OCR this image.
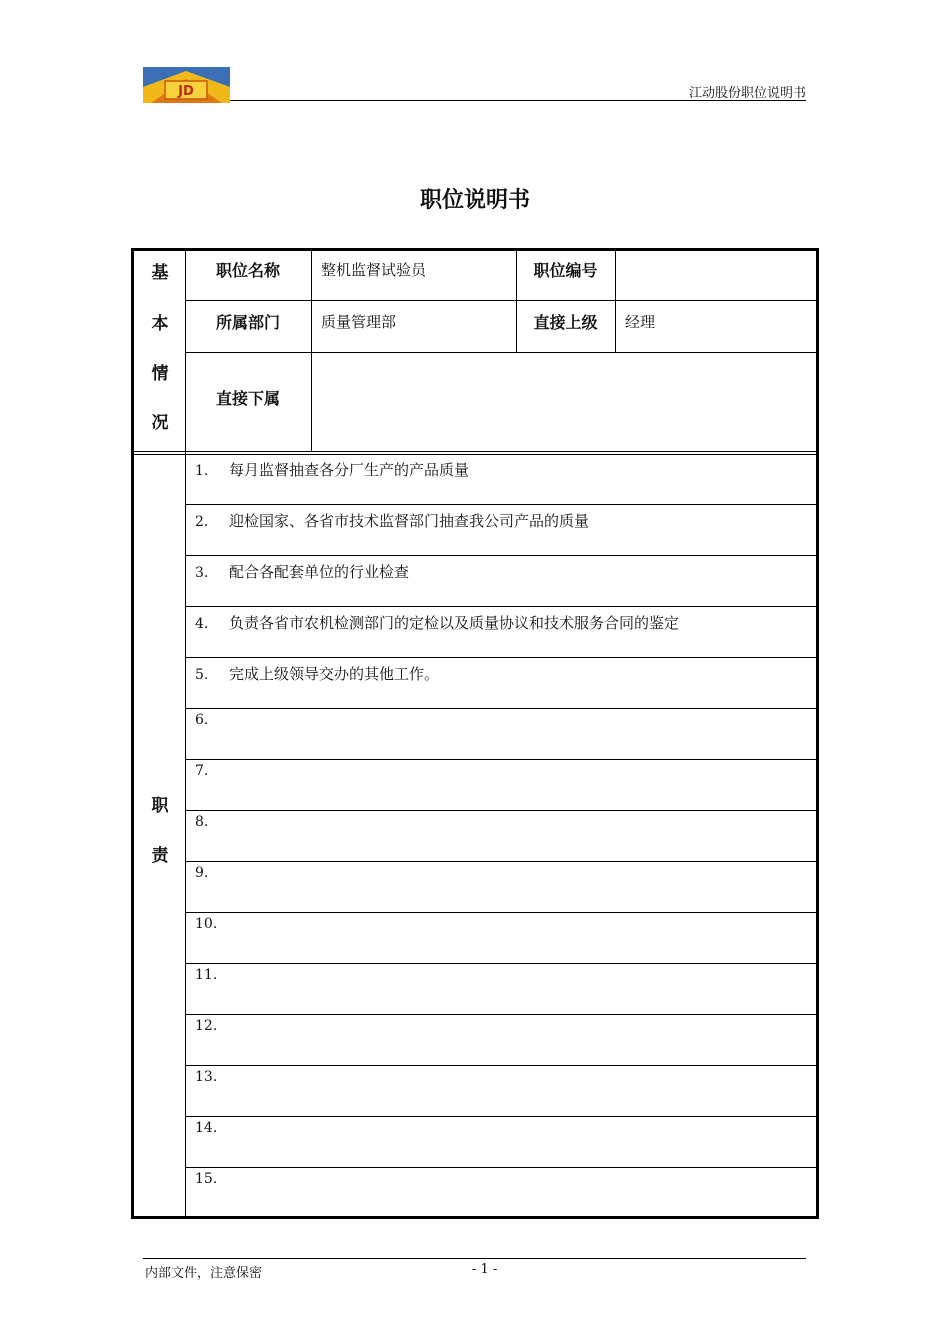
JD	江动股份职位说明书
职位说明书
基
本
情
况
职位名称	整机监督试验员	职位编号
所属部门	质量管理部	直接上级	经理
直接下属
职
责
1. 每月监督抽查各分厂生产的产品质量
2. 迎检国家、各省市技术监督部门抽查我公司产品的质量
3. 配合各配套单位的行业检查
4. 负责各省市农机检测部门的定检以及质量协议和技术服务合同的鉴定
5. 完成上级领导交办的其他工作。
6.
7.
8.
9.
10.
11.
12.
13.
14.
15.
内部文件，注意保密	- 1 -
